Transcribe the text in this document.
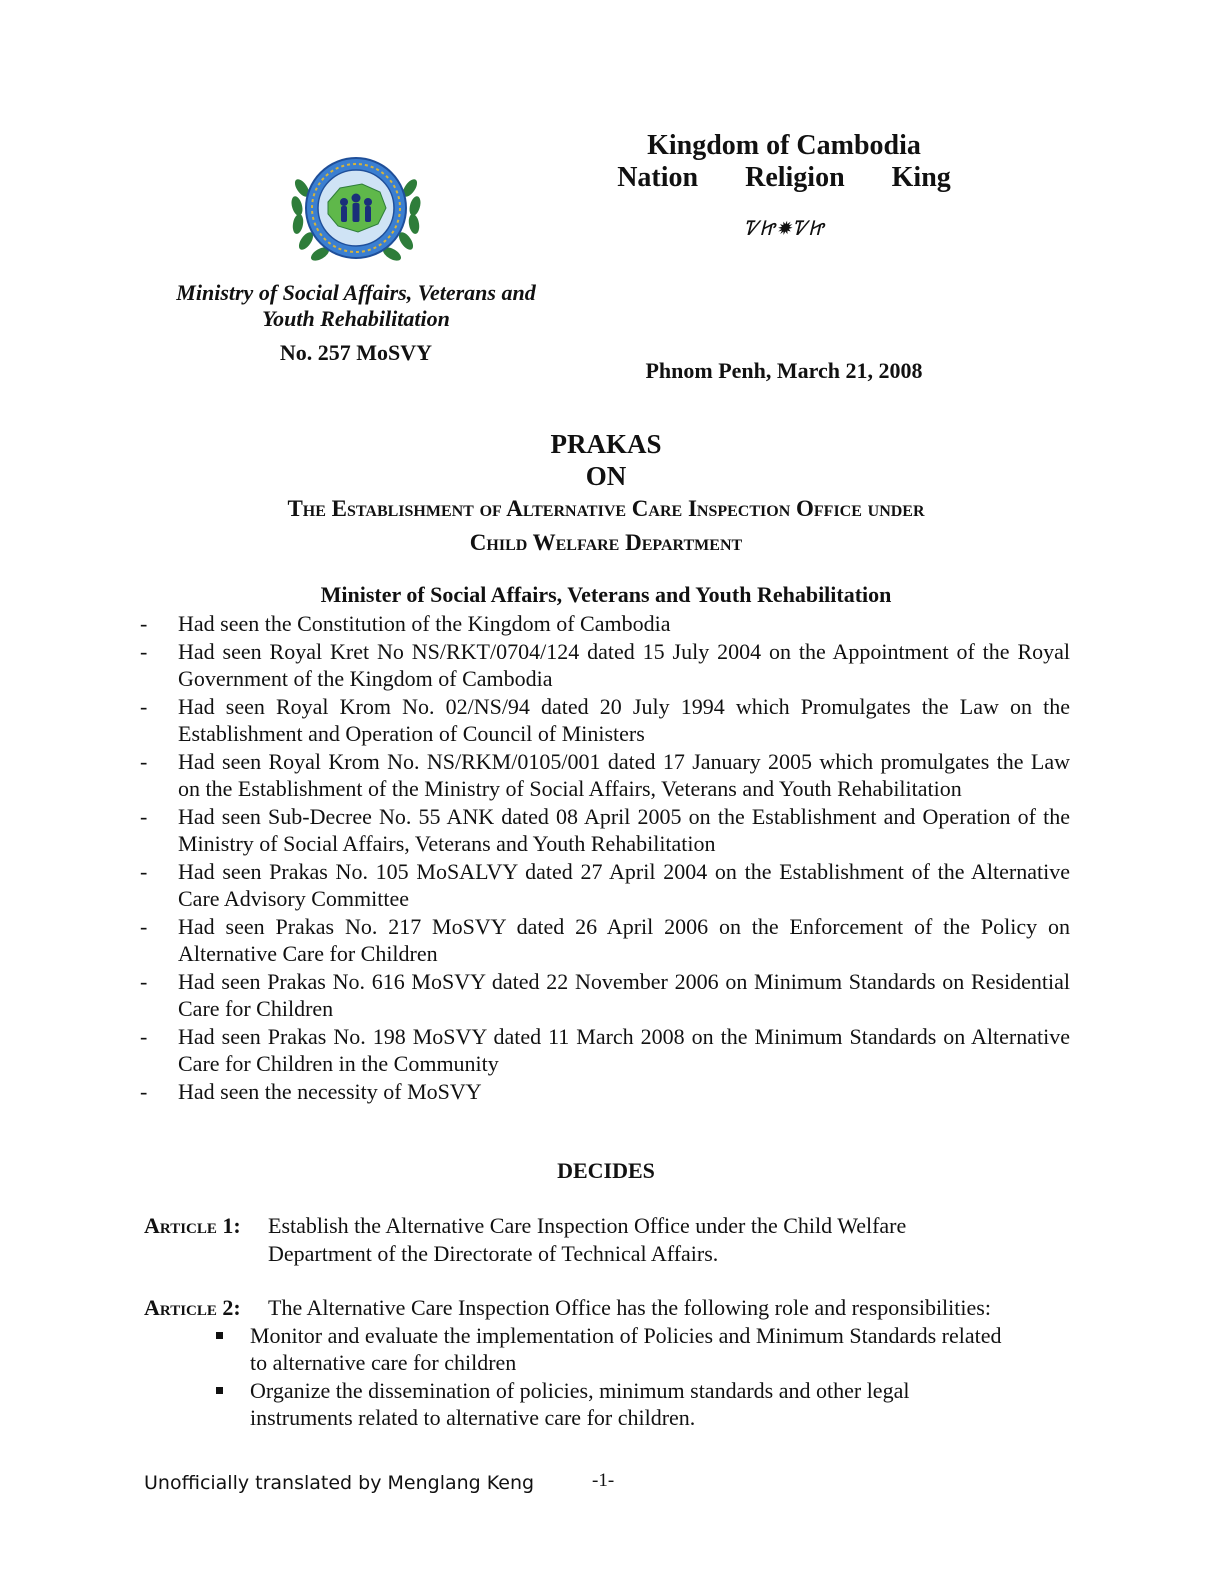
Ministry of Social Affairs, Veterans and
Youth Rehabilitation
No. 257 MoSVY
Kingdom of Cambodia
Nation Religion King
ᏤᏥ✹ᏤᏥ
Phnom Penh, March 21, 2008
PRAKAS
ON
The Establishment of Alternative Care Inspection Office under
Child Welfare Department
Minister of Social Affairs, Veterans and Youth Rehabilitation
- Had seen the Constitution of the Kingdom of Cambodia
- Had seen Royal Kret No NS/RKT/0704/124 dated 15 July 2004 on the Appointment of the Royal Government of the Kingdom of Cambodia
- Had seen Royal Krom No. 02/NS/94 dated 20 July 1994 which Promulgates the Law on the Establishment and Operation of Council of Ministers
- Had seen Royal Krom No. NS/RKM/0105/001 dated 17 January 2005 which promulgates the Law on the Establishment of the Ministry of Social Affairs, Veterans and Youth Rehabilitation
- Had seen Sub-Decree No. 55 ANK dated 08 April 2005 on the Establishment and Operation of the Ministry of Social Affairs, Veterans and Youth Rehabilitation
- Had seen Prakas No. 105 MoSALVY dated 27 April 2004 on the Establishment of the Alternative Care Advisory Committee
- Had seen Prakas No. 217 MoSVY dated 26 April 2006 on the Enforcement of the Policy on Alternative Care for Children
- Had seen Prakas No. 616 MoSVY dated 22 November 2006 on Minimum Standards on Residential Care for Children
- Had seen Prakas No. 198 MoSVY dated 11 March 2008 on the Minimum Standards on Alternative Care for Children in the Community
- Had seen the necessity of MoSVY
DECIDES
Article 1: Establish the Alternative Care Inspection Office under the Child Welfare
Department of the Directorate of Technical Affairs.
Article 2: The Alternative Care Inspection Office has the following role and responsibilities:
Monitor and evaluate the implementation of Policies and Minimum Standards related
to alternative care for children
Organize the dissemination of policies, minimum standards and other legal
instruments related to alternative care for children.
Unofficially translated by Menglang Keng	-1-
